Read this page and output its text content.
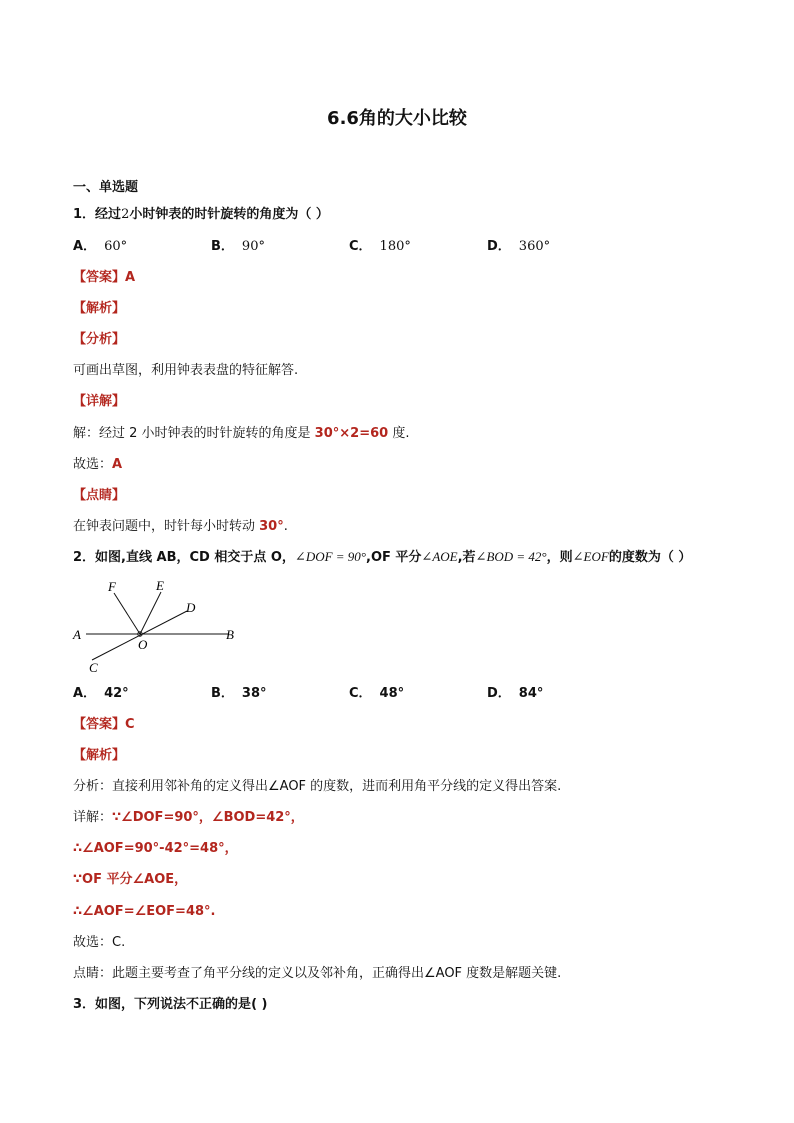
6.6角的大小比较
一、单选题
1．经过2小时钟表的时针旋转的角度为（ ）
A． 60°	B． 90°	C． 180°	D． 360°
【答案】A
【解析】
【分析】
可画出草图，利用钟表表盘的特征解答.
【详解】
解：经过 2 小时钟表的时针旋转的角度是 30°×2=60 度.
故选：A
【点睛】
在钟表问题中，时针每小时转动 30°.
2．如图,直线 AB，CD 相交于点 O，∠DOF = 90°,OF 平分∠AOE,若∠BOD = 42°，则∠EOF的度数为（ ）
F	E
D
A
O
B
C
A． 42°	B． 38°	C． 48°	D． 84°
【答案】C
【解析】
分析：直接利用邻补角的定义得出∠AOF 的度数，进而利用角平分线的定义得出答案.
详解：∵∠DOF=90°，∠BOD=42°，
∴∠AOF=90°-42°=48°，
∵OF 平分∠AOE，
∴∠AOF=∠EOF=48°.
故选：C.
点睛：此题主要考查了角平分线的定义以及邻补角，正确得出∠AOF 度数是解题关键.
3．如图，下列说法不正确的是( )
